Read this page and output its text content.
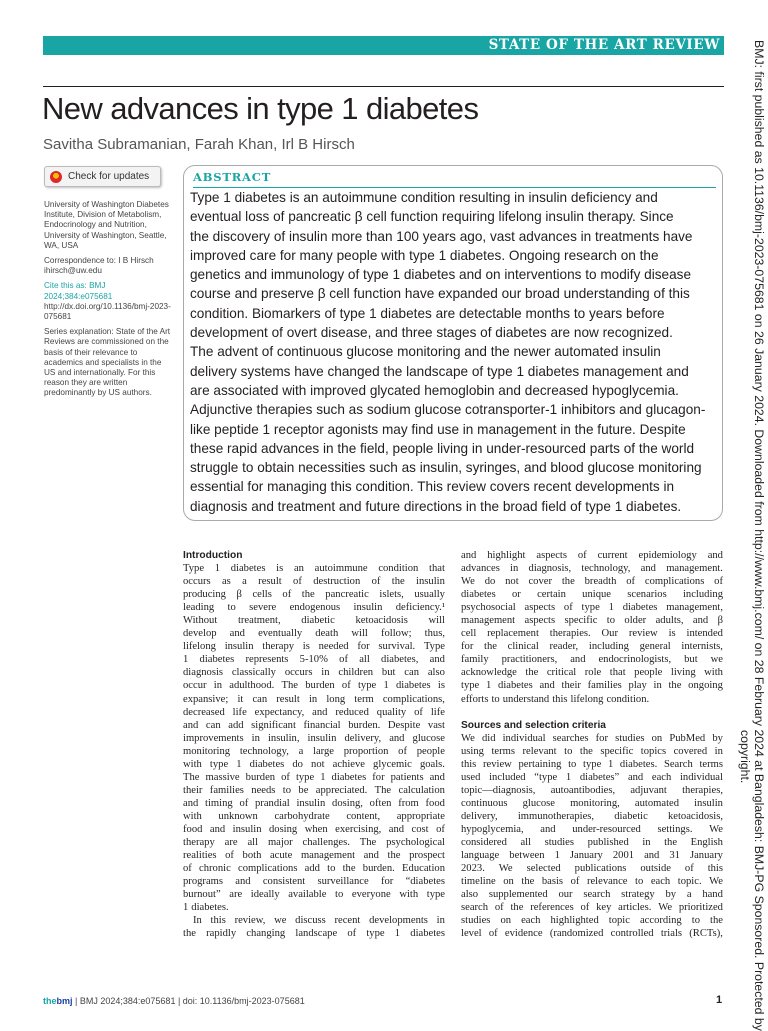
STATE OF THE ART REVIEW
New advances in type 1 diabetes
Savitha Subramanian, Farah Khan, Irl B Hirsch
Check for updates

University of Washington Diabetes Institute, Division of Metabolism, Endocrinology and Nutrition, University of Washington, Seattle, WA, USA

Correspondence to: I B Hirsch
ihirsch@uw.edu

Cite this as: BMJ 2024;384:e075681
http://dx.doi.org/10.1136/bmj-2023-075681

Series explanation: State of the Art Reviews are commissioned on the basis of their relevance to academics and specialists in the US and internationally. For this reason they are written predominantly by US authors.

ABSTRACT
Type 1 diabetes is an autoimmune condition resulting in insulin deficiency and
eventual loss of pancreatic β cell function requiring lifelong insulin therapy. Since
the discovery of insulin more than 100 years ago, vast advances in treatments have
improved care for many people with type 1 diabetes. Ongoing research on the
genetics and immunology of type 1 diabetes and on interventions to modify disease
course and preserve β cell function have expanded our broad understanding of this
condition. Biomarkers of type 1 diabetes are detectable months to years before
development of overt disease, and three stages of diabetes are now recognized.
The advent of continuous glucose monitoring and the newer automated insulin
delivery systems have changed the landscape of type 1 diabetes management and
are associated with improved glycated hemoglobin and decreased hypoglycemia.
Adjunctive therapies such as sodium glucose cotransporter-1 inhibitors and glucagon-
like peptide 1 receptor agonists may find use in management in the future. Despite
these rapid advances in the field, people living in under-resourced parts of the world
struggle to obtain necessities such as insulin, syringes, and blood glucose monitoring
essential for managing this condition. This review covers recent developments in
diagnosis and treatment and future directions in the broad field of type 1 diabetes.
Introduction
Type 1 diabetes is an autoimmune condition that
occurs as a result of destruction of the insulin
producing β cells of the pancreatic islets, usually
leading to severe endogenous insulin deficiency.¹
Without treatment, diabetic ketoacidosis will
develop and eventually death will follow; thus,
lifelong insulin therapy is needed for survival. Type
1 diabetes represents 5-10% of all diabetes, and
diagnosis classically occurs in children but can also
occur in adulthood. The burden of type 1 diabetes is
expansive; it can result in long term complications,
decreased life expectancy, and reduced quality of life
and can add significant financial burden. Despite vast
improvements in insulin, insulin delivery, and glucose
monitoring technology, a large proportion of people
with type 1 diabetes do not achieve glycemic goals.
The massive burden of type 1 diabetes for patients and
their families needs to be appreciated. The calculation
and timing of prandial insulin dosing, often from food
with unknown carbohydrate content, appropriate
food and insulin dosing when exercising, and cost of
therapy are all major challenges. The psychological
realities of both acute management and the prospect
of chronic complications add to the burden. Education
programs and consistent surveillance for “diabetes
burnout” are ideally available to everyone with type
1 diabetes.
In this review, we discuss recent developments in
the rapidly changing landscape of type 1 diabetes
and highlight aspects of current epidemiology and
advances in diagnosis, technology, and management.
We do not cover the breadth of complications of
diabetes or certain unique scenarios including
psychosocial aspects of type 1 diabetes management,
management aspects specific to older adults, and β
cell replacement therapies. Our review is intended
for the clinical reader, including general internists,
family practitioners, and endocrinologists, but we
acknowledge the critical role that people living with
type 1 diabetes and their families play in the ongoing
efforts to understand this lifelong condition.
Sources and selection criteria
We did individual searches for studies on PubMed by
using terms relevant to the specific topics covered in
this review pertaining to type 1 diabetes. Search terms
used included “type 1 diabetes” and each individual
topic—diagnosis, autoantibodies, adjuvant therapies,
continuous glucose monitoring, automated insulin
delivery, immunotherapies, diabetic ketoacidosis,
hypoglycemia, and under-resourced settings. We
considered all studies published in the English
language between 1 January 2001 and 31 January
2023. We selected publications outside of this
timeline on the basis of relevance to each topic. We
also supplemented our search strategy by a hand
search of the references of key articles. We prioritized
studies on each highlighted topic according to the
level of evidence (randomized controlled trials (RCTs), BMJ: first published as 10.1136/bmj-2023-075681 on 26 January 2024. Downloaded from http://www.bmj.com/ on 28 February 2024 at Bangladesh: BMJ-PG Sponsored. Protected by
copyright.
thebmj | BMJ 2024;384:e075681 | doi: 10.1136/bmj-2023-075681	1
